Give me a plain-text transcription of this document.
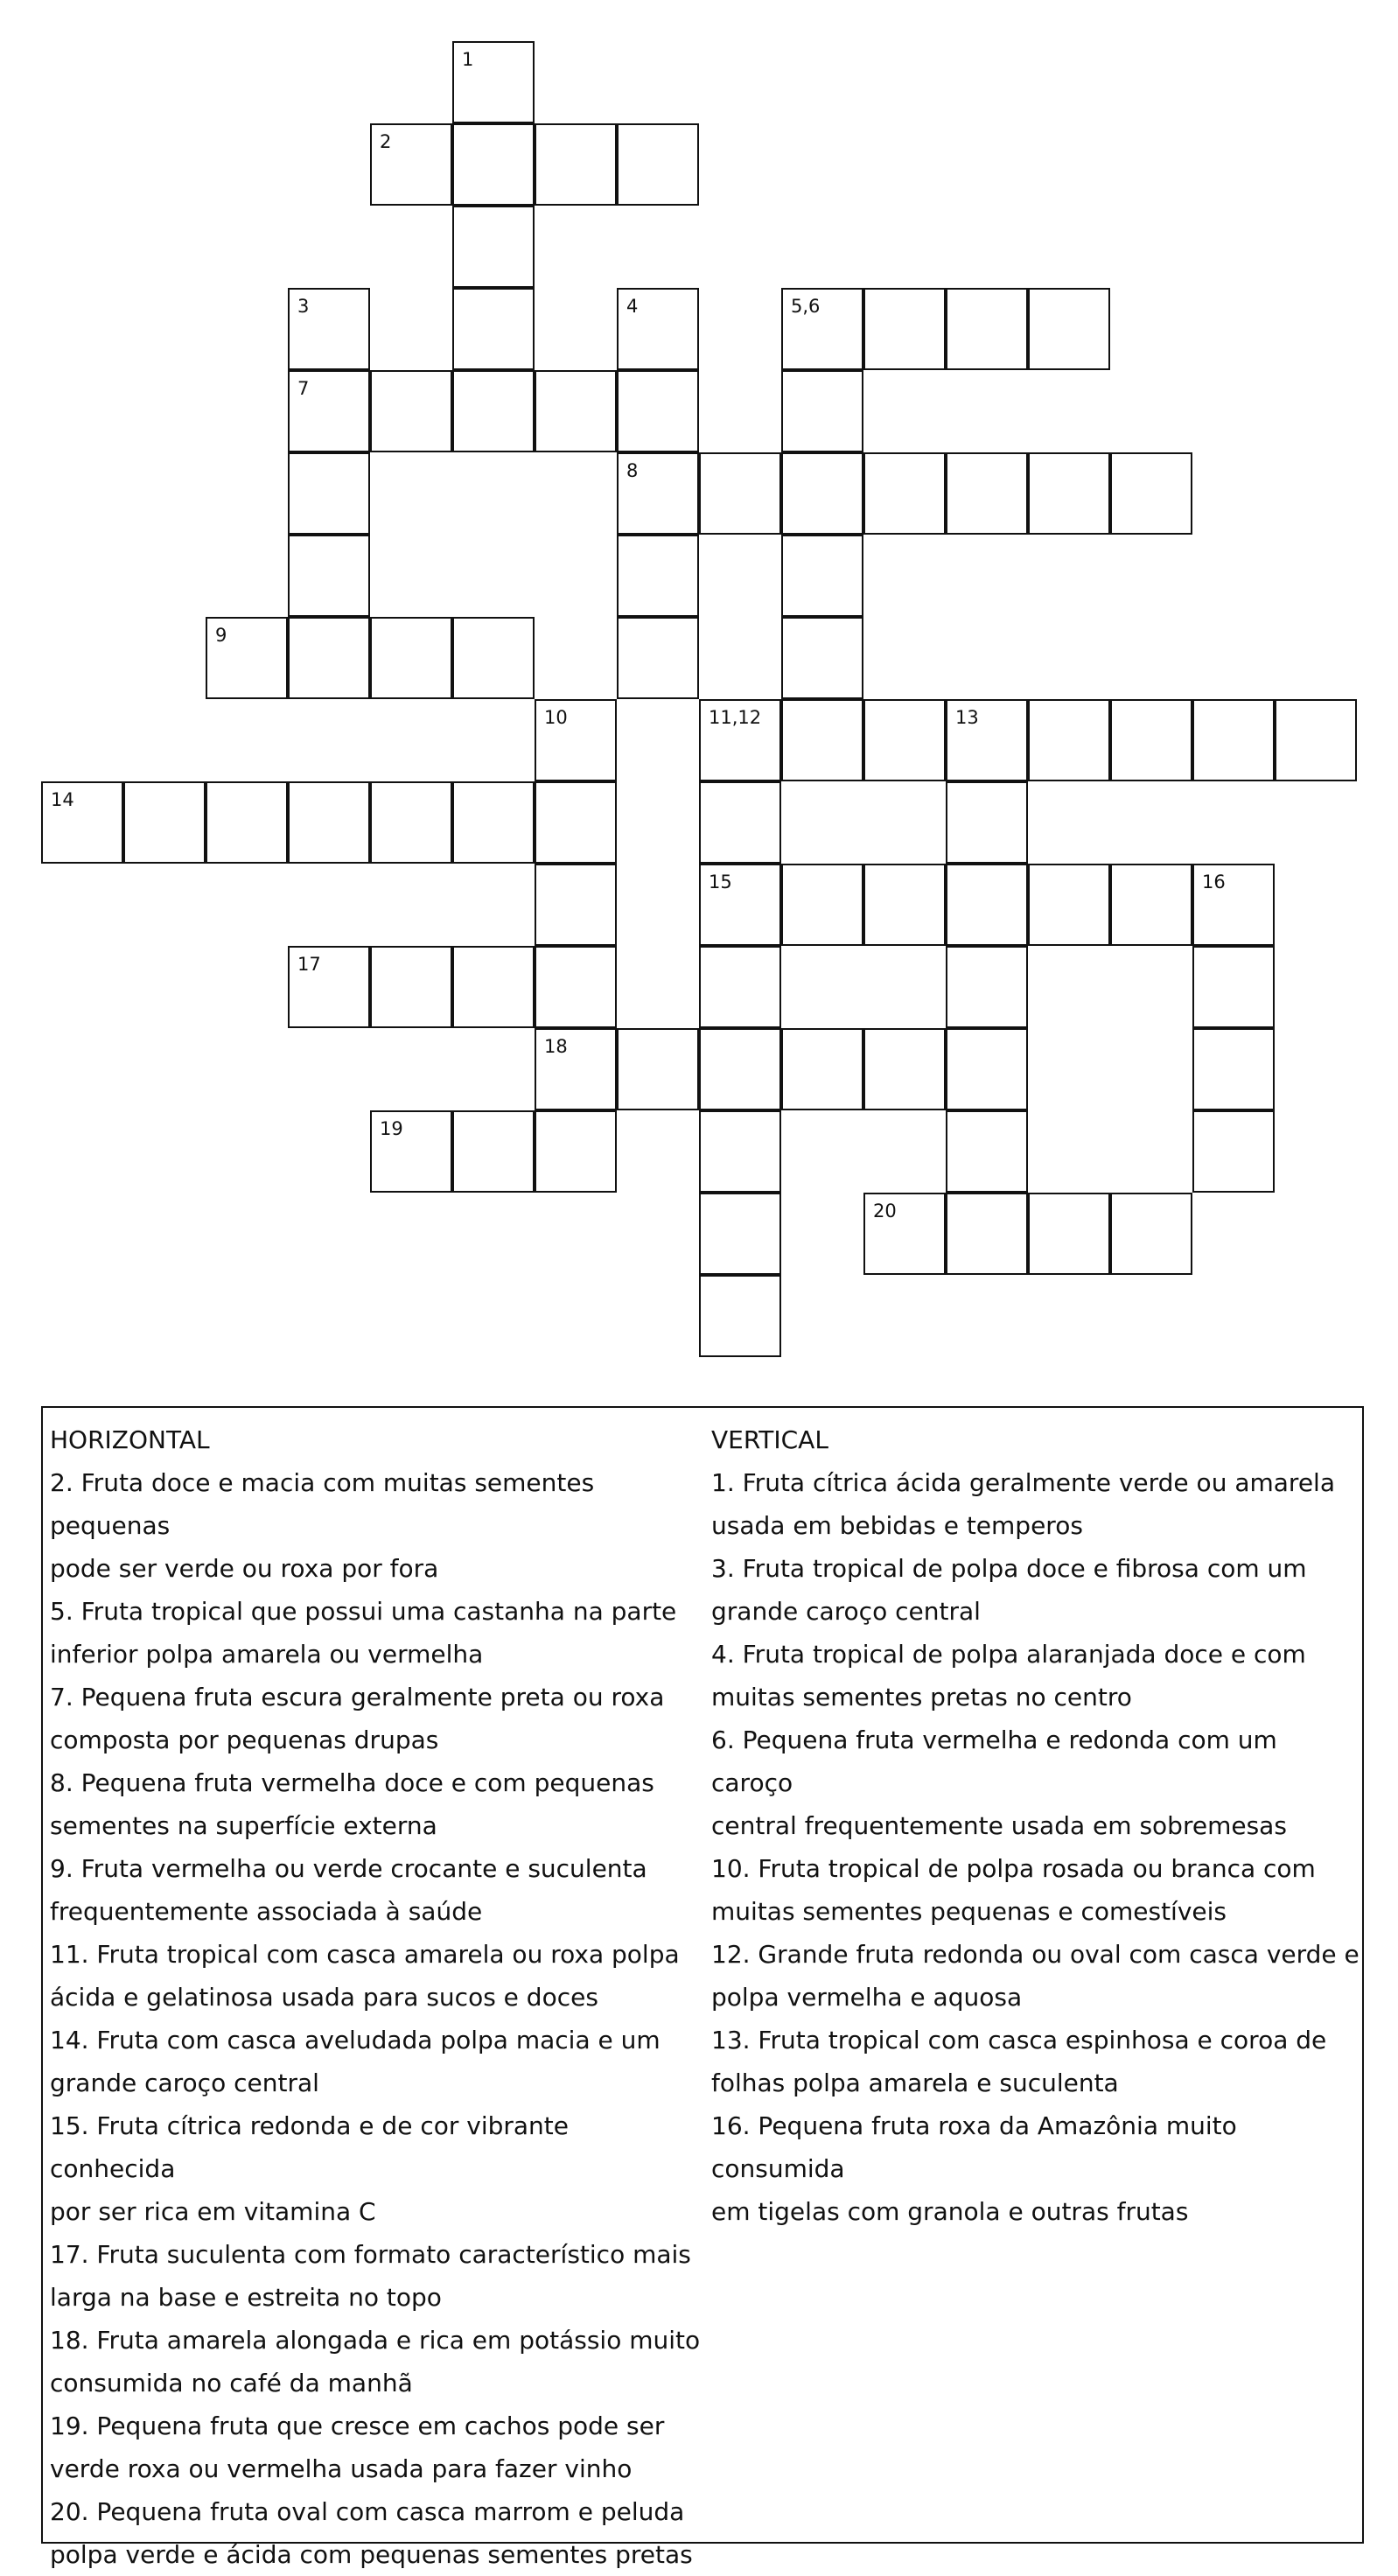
1
2
3	4	5,6
7
8
9
10	11,12	13
14
15	16
17
18
19
20
HORIZONTAL
2. Fruta doce e macia com muitas sementes pequenas
pode ser verde ou roxa por fora
5. Fruta tropical que possui uma castanha na parte
inferior polpa amarela ou vermelha
7. Pequena fruta escura geralmente preta ou roxa
composta por pequenas drupas
8. Pequena fruta vermelha doce e com pequenas
sementes na superfície externa
9. Fruta vermelha ou verde crocante e suculenta
frequentemente associada à saúde
11. Fruta tropical com casca amarela ou roxa polpa
ácida e gelatinosa usada para sucos e doces
14. Fruta com casca aveludada polpa macia e um
grande caroço central
15. Fruta cítrica redonda e de cor vibrante conhecida
por ser rica em vitamina C
17. Fruta suculenta com formato característico mais
larga na base e estreita no topo
18. Fruta amarela alongada e rica em potássio muito
consumida no café da manhã
19. Pequena fruta que cresce em cachos pode ser
verde roxa ou vermelha usada para fazer vinho
20. Pequena fruta oval com casca marrom e peluda
polpa verde e ácida com pequenas sementes pretas
VERTICAL
1. Fruta cítrica ácida geralmente verde ou amarela
usada em bebidas e temperos
3. Fruta tropical de polpa doce e fibrosa com um
grande caroço central
4. Fruta tropical de polpa alaranjada doce e com
muitas sementes pretas no centro
6. Pequena fruta vermelha e redonda com um caroço
central frequentemente usada em sobremesas
10. Fruta tropical de polpa rosada ou branca com
muitas sementes pequenas e comestíveis
12. Grande fruta redonda ou oval com casca verde e
polpa vermelha e aquosa
13. Fruta tropical com casca espinhosa e coroa de
folhas polpa amarela e suculenta
16. Pequena fruta roxa da Amazônia muito consumida
em tigelas com granola e outras frutas
